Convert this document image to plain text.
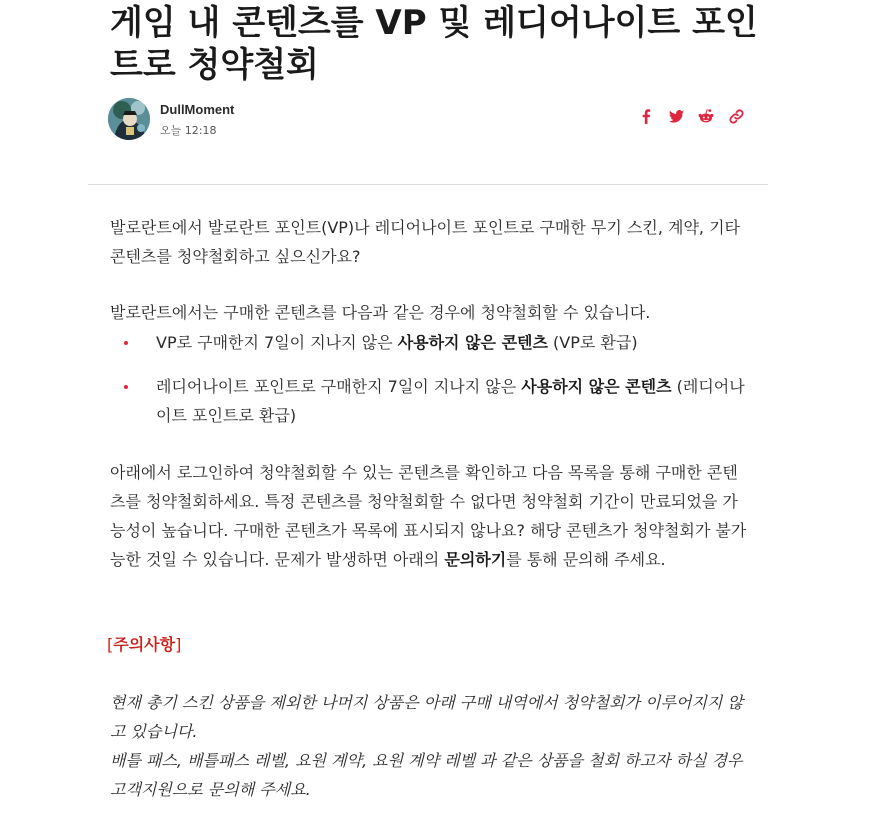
게임 내 콘텐츠를 VP 및 레디어나이트 포인트로 청약철회
DullMoment
오늘 12:18

발로란트에서 발로란트 포인트(VP)나 레디어나이트 포인트로 구매한 무기 스킨, 계약, 기타 콘텐츠를 청약철회하고 싶으신가요?

발로란트에서는 구매한 콘텐츠를 다음과 같은 경우에 청약철회할 수 있습니다.

VP로 구매한지 7일이 지나지 않은 사용하지 않은 콘텐츠 (VP로 환급)
레디어나이트 포인트로 구매한지 7일이 지나지 않은 사용하지 않은 콘텐츠 (레디어나이트 포인트로 환급)

아래에서 로그인하여 청약철회할 수 있는 콘텐츠를 확인하고 다음 목록을 통해 구매한 콘텐츠를 청약철회하세요. 특정 콘텐츠를 청약철회할 수 없다면 청약철회 기간이 만료되었을 가능성이 높습니다. 구매한 콘텐츠가 목록에 표시되지 않나요? 해당 콘텐츠가 청약철회가 불가능한 것일 수 있습니다. 문제가 발생하면 아래의 문의하기를 통해 문의해 주세요.

[주의사항]

현재 총기 스킨 상품을 제외한 나머지 상품은 아래 구매 내역에서 청약철회가 이루어지지 않고 있습니다.

배틀 패스, 배틀패스 레벨, 요원 계약, 요원 계약 레벨 과 같은 상품을 철회 하고자 하실 경우 고객지원으로 문의해 주세요.
